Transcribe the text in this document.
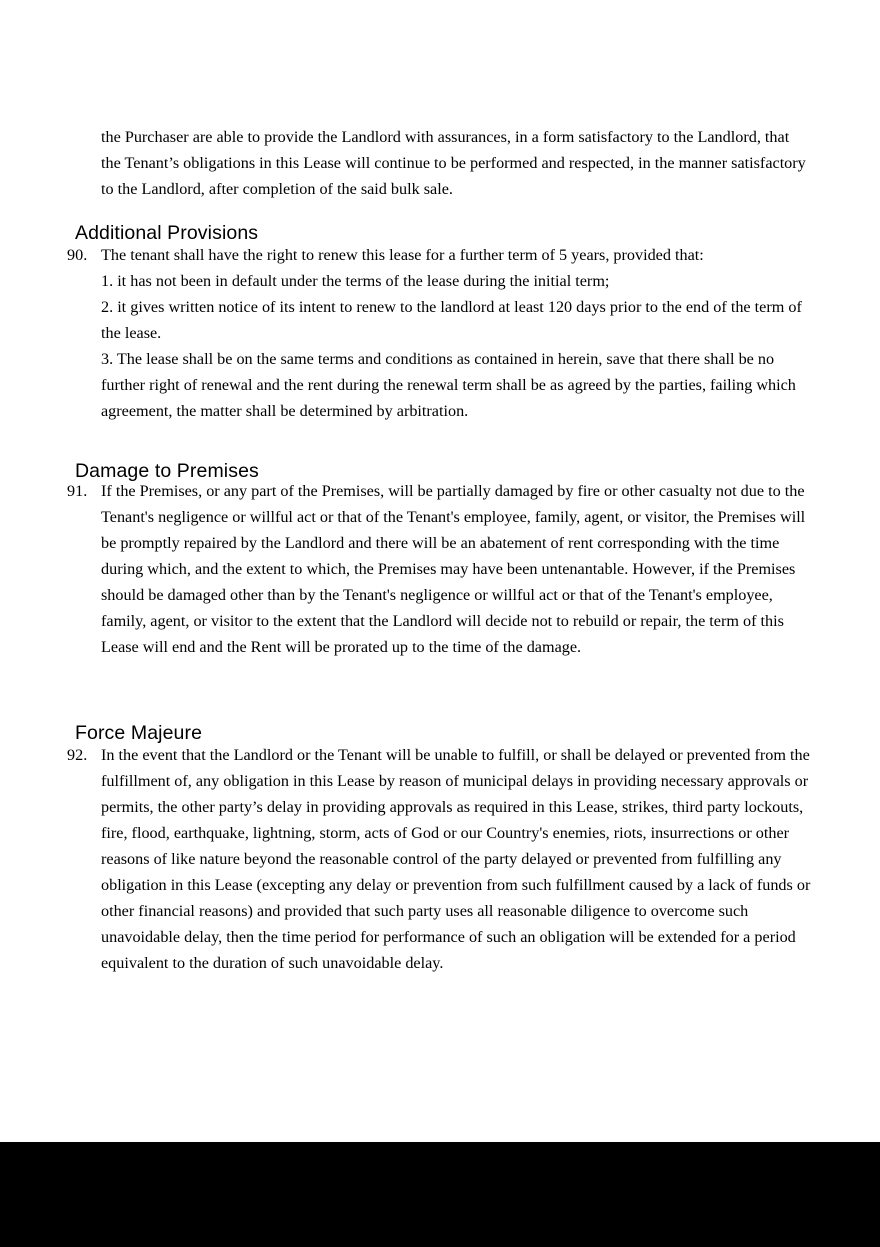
the Purchaser are able to provide the Landlord with assurances, in a form satisfactory to the Landlord, that the Tenant’s obligations in this Lease will continue to be performed and respected, in the manner satisfactory to the Landlord, after completion of the said bulk sale.

Additional Provisions
90. The tenant shall have the right to renew this lease for a further term of 5 years, provided that:
1. it has not been in default under the terms of the lease during the initial term;
2. it gives written notice of its intent to renew to the landlord at least 120 days prior to the end of the term of the lease.
3. The lease shall be on the same terms and conditions as contained in herein, save that there shall be no further right of renewal and the rent during the renewal term shall be as agreed by the parties, failing which agreement, the matter shall be determined by arbitration.
Damage to Premises
91. If the Premises, or any part of the Premises, will be partially damaged by fire or other casualty not due to the Tenant's negligence or willful act or that of the Tenant's employee, family, agent, or visitor, the Premises will be promptly repaired by the Landlord and there will be an abatement of rent corresponding with the time during which, and the extent to which, the Premises may have been untenantable. However, if the Premises should be damaged other than by the Tenant's negligence or willful act or that of the Tenant's employee, family, agent, or visitor to the extent that the Landlord will decide not to rebuild or repair, the term of this Lease will end and the Rent will be prorated up to the time of the damage.
Force Majeure
92. In the event that the Landlord or the Tenant will be unable to fulfill, or shall be delayed or prevented from the fulfillment of, any obligation in this Lease by reason of municipal delays in providing necessary approvals or permits, the other party’s delay in providing approvals as required in this Lease, strikes, third party lockouts, fire, flood, earthquake, lightning, storm, acts of God or our Country's enemies, riots, insurrections or other reasons of like nature beyond the reasonable control of the party delayed or prevented from fulfilling any obligation in this Lease (excepting any delay or prevention from such fulfillment caused by a lack of funds or other financial reasons) and provided that such party uses all reasonable diligence to overcome such unavoidable delay, then the time period for performance of such an obligation will be extended for a period equivalent to the duration of such unavoidable delay.
